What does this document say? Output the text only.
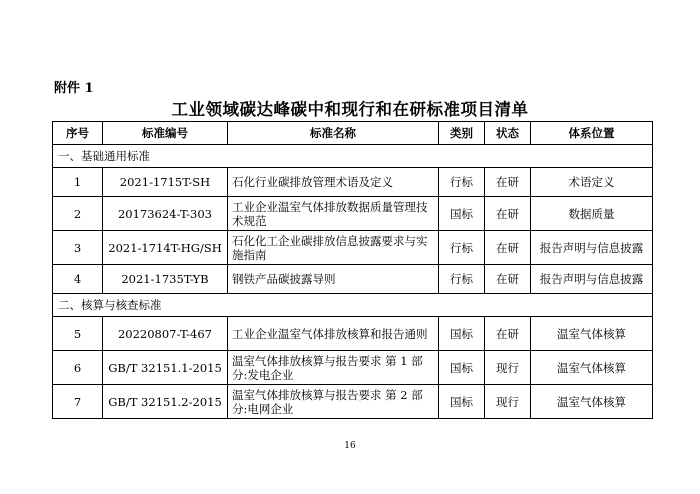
附件 1
工业领域碳达峰碳中和现行和在研标准项目清单
序号	标准编号	标准名称	类别	状态	体系位置
一、基础通用标准					
1	2021-1715T-SH	石化行业碳排放管理术语及定义	行标	在研	术语定义
2	20173624-T-303	工业企业温室气体排放数据质量管理技术规范	国标	在研	数据质量
3	2021-1714T-HG/SH	石化化工企业碳排放信息披露要求与实施指南	行标	在研	报告声明与信息披露
4	2021-1735T-YB	钢铁产品碳披露导则	行标	在研	报告声明与信息披露
二、核算与核查标准					
5	20220807-T-467	工业企业温室气体排放核算和报告通则	国标	在研	温室气体核算
6	GB/T 32151.1-2015	温室气体排放核算与报告要求 第 1 部分:发电企业	国标	现行	温室气体核算
7	GB/T 32151.2-2015	温室气体排放核算与报告要求 第 2 部分:电网企业	国标	现行	温室气体核算
16
